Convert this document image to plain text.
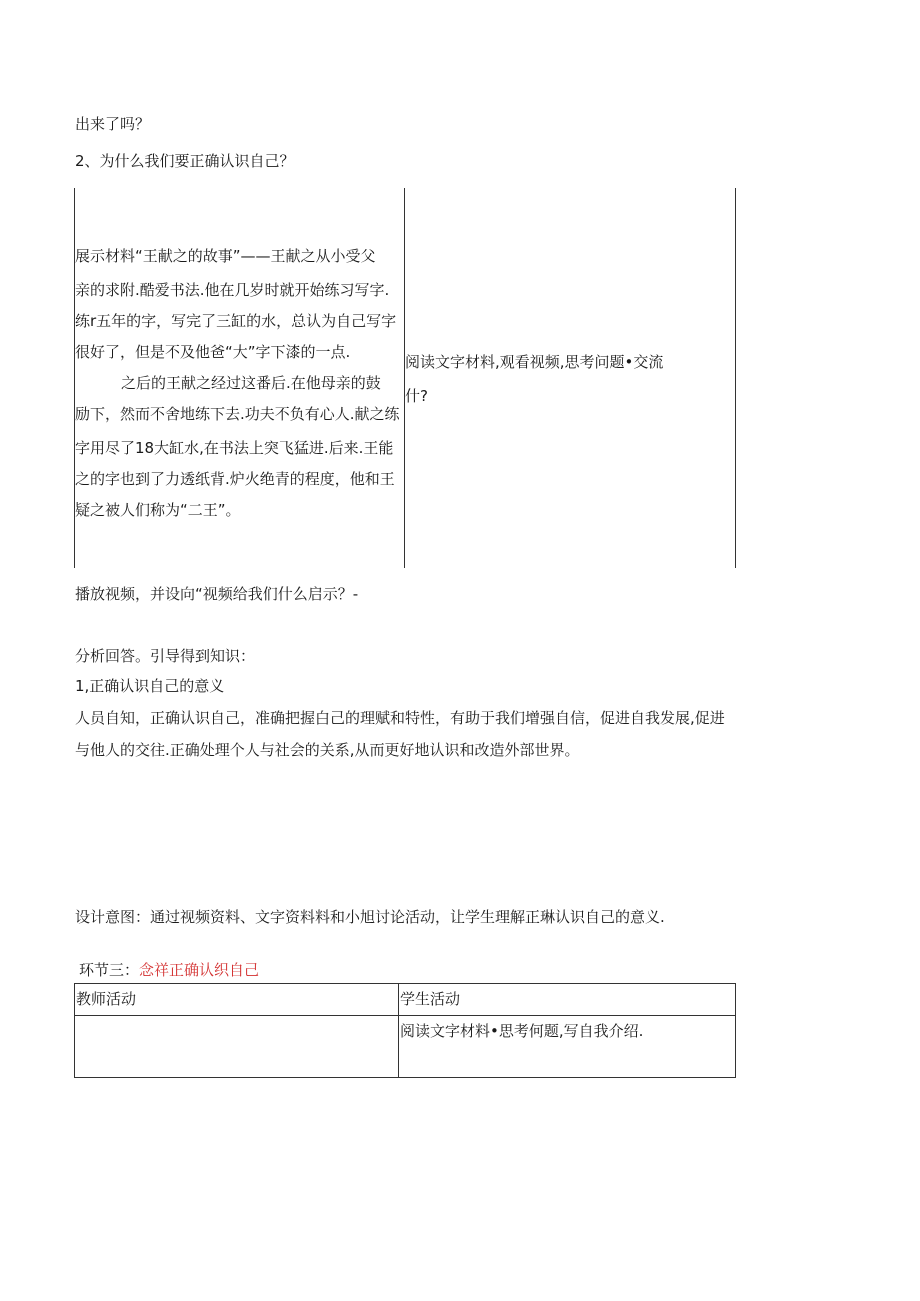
出来了吗？
2、为什么我们要正确认识自己？
展示材料“王献之的故事”——王献之从小受父
亲的求附.酷爱书法.他在几岁时就开始练习写字.
练r五年的字，写完了三缸的水，总认为自己写字
很好了，但是不及他爸“大”字下漆的一点.
之后的王献之经过这番后.在他母亲的鼓
励下，然而不舍地练下去.功夫不负有心人.献之练
字用尽了18大缸水,在书法上突飞猛进.后来.王能
之的字也到了力透纸背.炉火绝青的程度，他和王
疑之被人们称为“二王”。
阅读文字材料,观看视频,思考问题•交流
什?
播放视频，并设向“视频给我们什么启示？-
分析回答。引导得到知识：
1,正确认识自己的意义
人员自知，正确认识自己，准确把握白己的理赋和特性，有助于我们增强自信，促进自我发展,促进
与他人的交往.正确处理个人与社会的关系,从而更好地认识和改造外部世界。
设计意图：通过视频资料、文字资料料和小旭讨论活动，让学生理解正琳认识自己的意义.
环节三：念祥正确认织自己
教师活动	学生活动
阅读文字材料•思考何题,写自我介绍.
